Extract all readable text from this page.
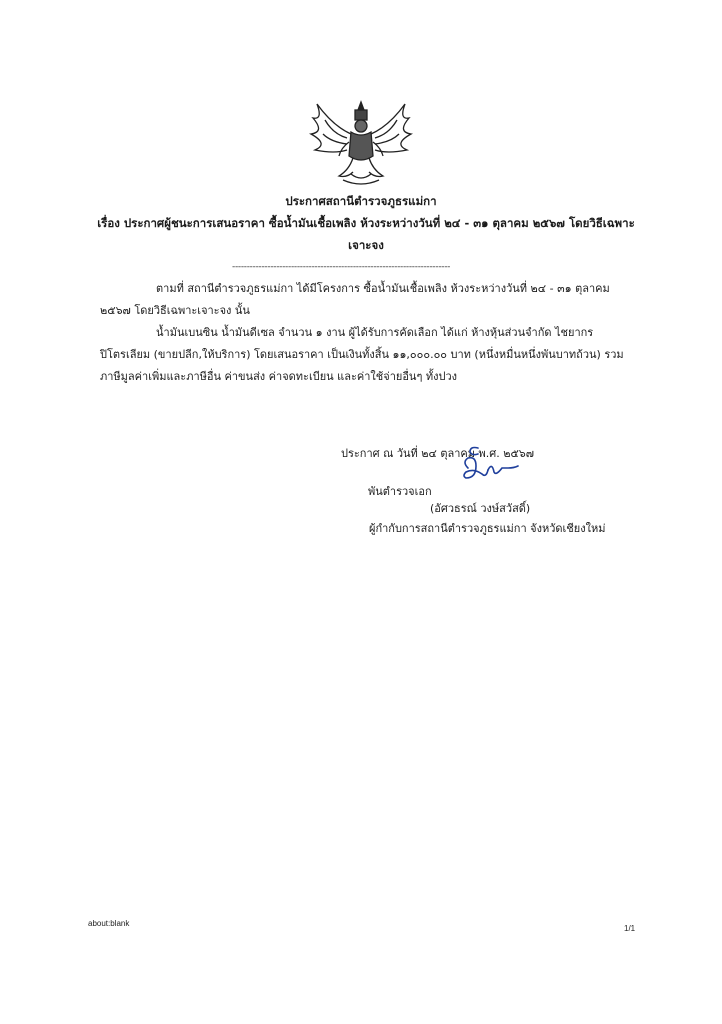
ประกาศสถานีตำรวจภูธรแม่กา
เรื่อง ประกาศผู้ชนะการเสนอราคา ซื้อน้ำมันเชื้อเพลิง ห้วงระหว่างวันที่ ๒๔ - ๓๑ ตุลาคม ๒๕๖๗ โดยวิธีเฉพาะเจาะจง
--------------------------------------------------------------------------
ตามที่ สถานีตำรวจภูธรแม่กา ได้มีโครงการ ซื้อน้ำมันเชื้อเพลิง ห้วงระหว่างวันที่ ๒๔ - ๓๑ ตุลาคม ๒๕๖๗ โดยวิธีเฉพาะเจาะจง นั้น
น้ำมันเบนซิน น้ำมันดีเซล จำนวน ๑ งาน ผู้ได้รับการคัดเลือก ได้แก่ ห้างหุ้นส่วนจำกัด ไชยากรปิโตรเลียม (ขายปลีก,ให้บริการ) โดยเสนอราคา เป็นเงินทั้งสิ้น ๑๑,๐๐๐.๐๐ บาท (หนึ่งหมื่นหนึ่งพันบาทถ้วน) รวมภาษีมูลค่าเพิ่มและภาษีอื่น ค่าขนส่ง ค่าจดทะเบียน และค่าใช้จ่ายอื่นๆ ทั้งปวง
ประกาศ ณ วันที่ ๒๔ ตุลาคม พ.ศ. ๒๕๖๗
พันตำรวจเอก
(อัศวธรณ์ วงษ์สวัสดิ์)
ผู้กำกับการสถานีตำรวจภูธรแม่กา จังหวัดเชียงใหม่
about:blank
1/1
